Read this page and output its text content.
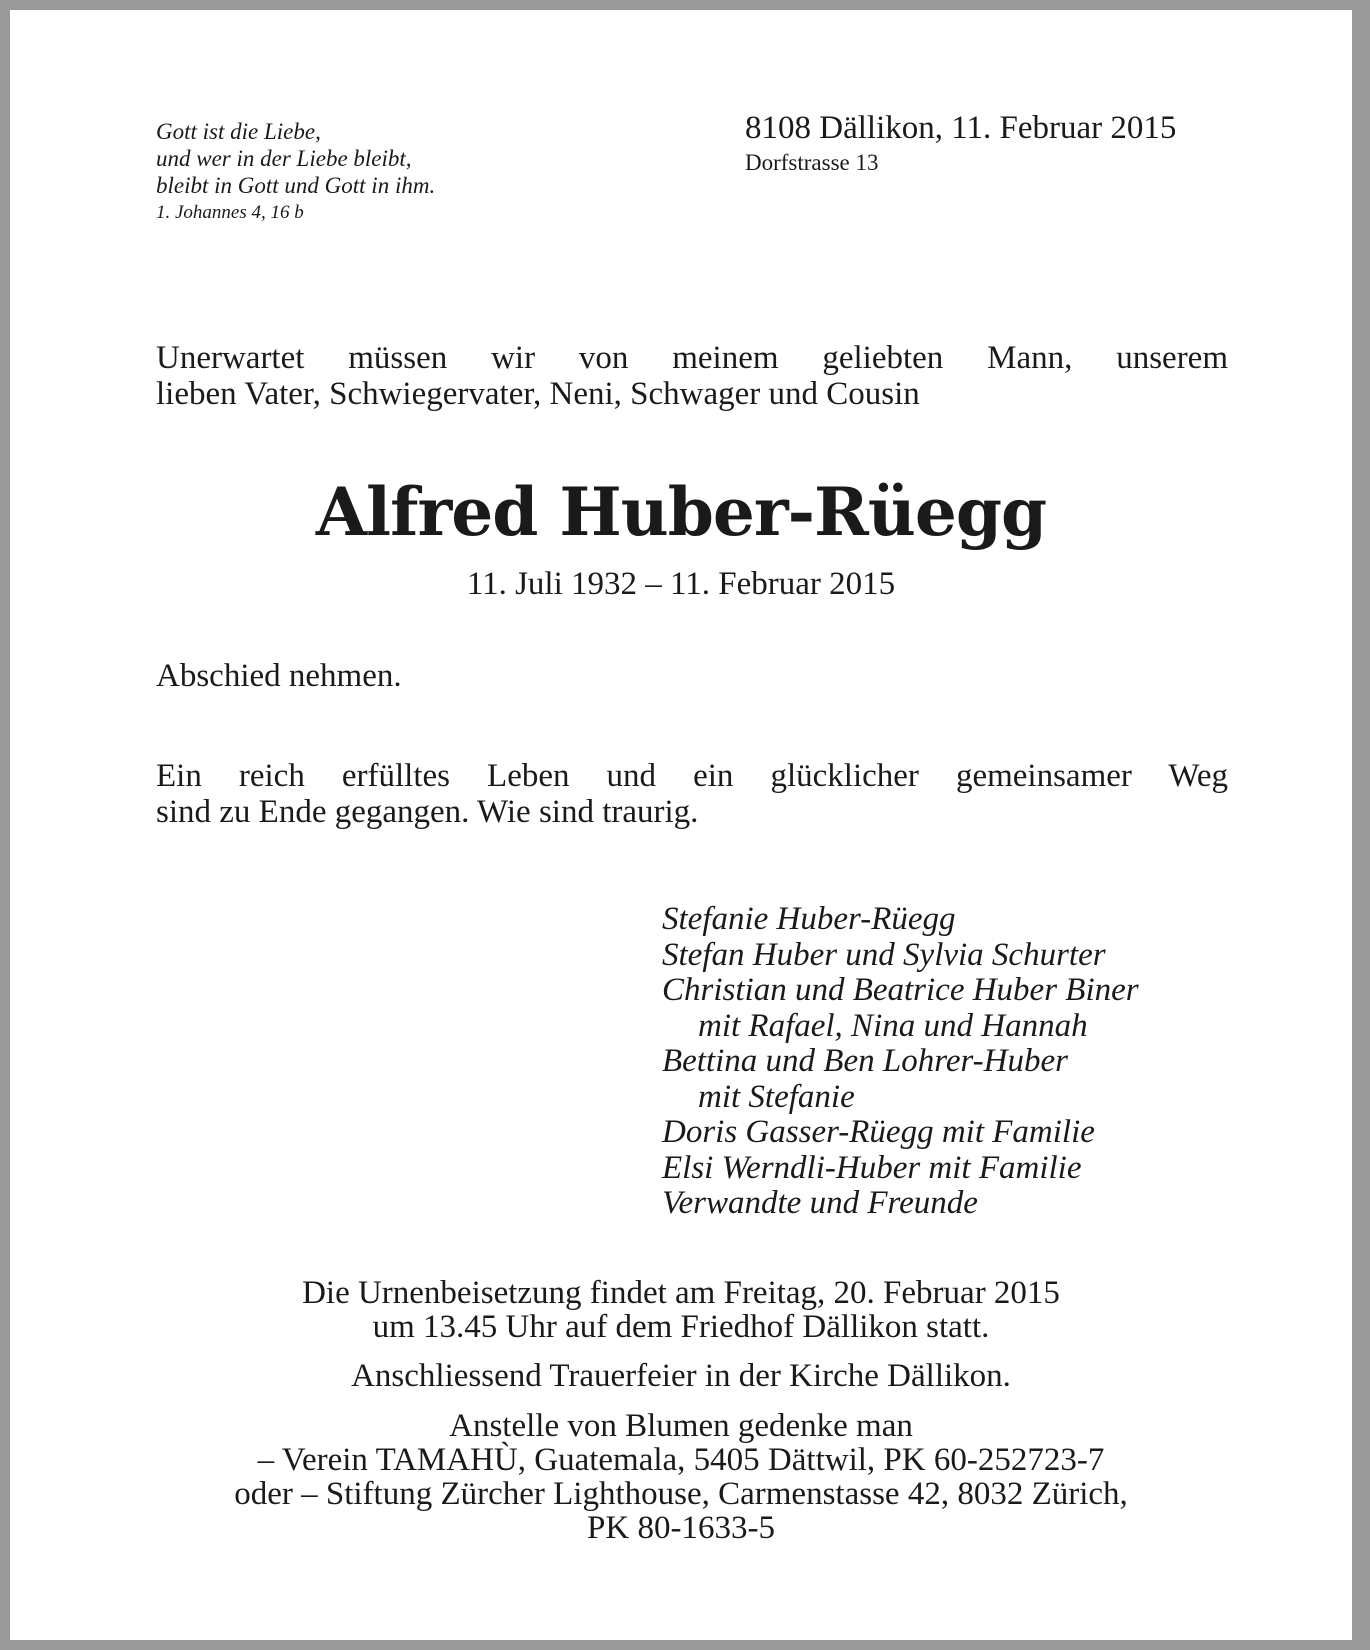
Gott ist die Liebe,
und wer in der Liebe bleibt,
bleibt in Gott und Gott in ihm.
1. Johannes 4, 16 b
8108 Dällikon, 11. Februar 2015
Dorfstrasse 13
Unerwartet müssen wir von meinem geliebten Mann, unserem
lieben Vater, Schwiegervater, Neni, Schwager und Cousin
Alfred Huber-Rüegg
11. Juli 1932 – 11. Februar 2015
Abschied nehmen.
Ein reich erfülltes Leben und ein glücklicher gemeinsamer Weg
sind zu Ende gegangen. Wie sind traurig.
Stefanie Huber-Rüegg
Stefan Huber und Sylvia Schurter
Christian und Beatrice Huber Biner
mit Rafael, Nina und Hannah
Bettina und Ben Lohrer-Huber
mit Stefanie
Doris Gasser-Rüegg mit Familie
Elsi Werndli-Huber mit Familie
Verwandte und Freunde
Die Urnenbeisetzung findet am Freitag, 20. Februar 2015
um 13.45 Uhr auf dem Friedhof Dällikon statt.
Anschliessend Trauerfeier in der Kirche Dällikon.
Anstelle von Blumen gedenke man
– Verein TAMAHÙ, Guatemala, 5405 Dättwil, PK 60-252723-7
oder – Stiftung Zürcher Lighthouse, Carmenstasse 42, 8032 Zürich,
PK 80-1633-5
